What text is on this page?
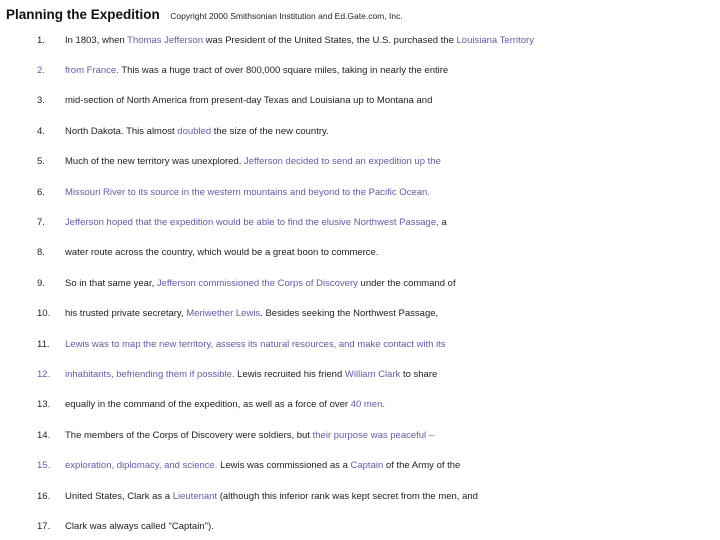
Planning the Expedition Copyright 2000 Smithsonian Institution and Ed.Gate.com, Inc.
1.	In 1803, when Thomas Jefferson was President of the United States, the U.S. purchased the Louisiana Territory
2.	from France. This was a huge tract of over 800,000 square miles, taking in nearly the entire
3.	mid-section of North America from present-day Texas and Louisiana up to Montana and
4.	North Dakota. This almost doubled the size of the new country.
5.	Much of the new territory was unexplored. Jefferson decided to send an expedition up the
6.	Missouri River to its source in the western mountains and beyond to the Pacific Ocean.
7.	Jefferson hoped that the expedition would be able to find the elusive Northwest Passage, a
8.	water route across the country, which would be a great boon to commerce.
9.	So in that same year, Jefferson commissioned the Corps of Discovery under the command of
10.	his trusted private secretary, Meriwether Lewis. Besides seeking the Northwest Passage,
11.	Lewis was to map the new territory, assess its natural resources, and make contact with its
12.	inhabitants, befriending them if possible. Lewis recruited his friend William Clark to share
13.	equally in the command of the expedition, as well as a force of over 40 men.
14.	The members of the Corps of Discovery were soldiers, but their purpose was peaceful –
15.	exploration, diplomacy, and science. Lewis was commissioned as a Captain of the Army of the
16.	United States, Clark as a Lieutenant (although this inferior rank was kept secret from the men, and
17.	Clark was always called "Captain").
